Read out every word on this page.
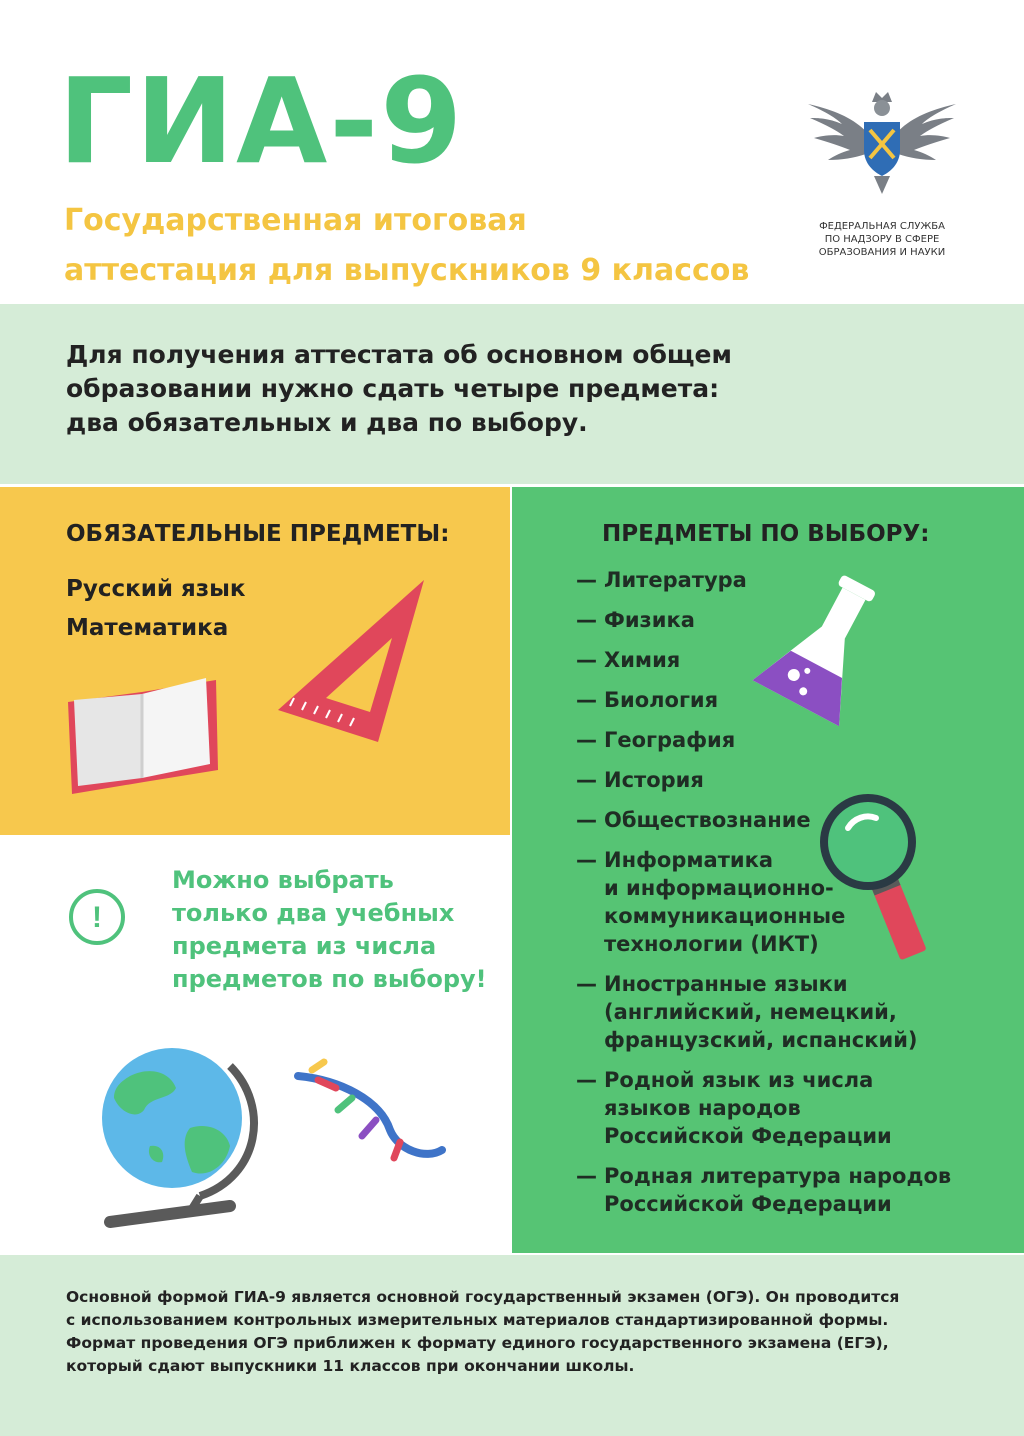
ГИА-9
Государственная итоговая
аттестация для выпускников 9 классов
ФЕДЕРАЛЬНАЯ СЛУЖБА
ПО НАДЗОРУ В СФЕРЕ
ОБРАЗОВАНИЯ И НАУКИ
Для получения аттестата об основном общем
образовании нужно сдать четыре предмета:
два обязательных и два по выбору.
ОБЯЗАТЕЛЬНЫЕ ПРЕДМЕТЫ:
Русский язык
Математика
ПРЕДМЕТЫ ПО ВЫБОРУ:
— Литература
— Физика
— Химия
— Биология
— География
— История
— Обществознание
— Информатика
и информационно-
коммуникационные
технологии (ИКТ)
— Иностранные языки
(английский, немецкий,
французский, испанский)
— Родной язык из числа
языков народов
Российской Федерации
— Родная литература народов
Российской Федерации
!
Можно выбрать
только два учебных
предмета из числа
предметов по выбору!
Основной формой ГИА-9 является основной государственный экзамен (ОГЭ). Он проводится
с использованием контрольных измерительных материалов стандартизированной формы.
Формат проведения ОГЭ приближен к формату единого государственного экзамена (ЕГЭ),
который сдают выпускники 11 классов при окончании школы.
